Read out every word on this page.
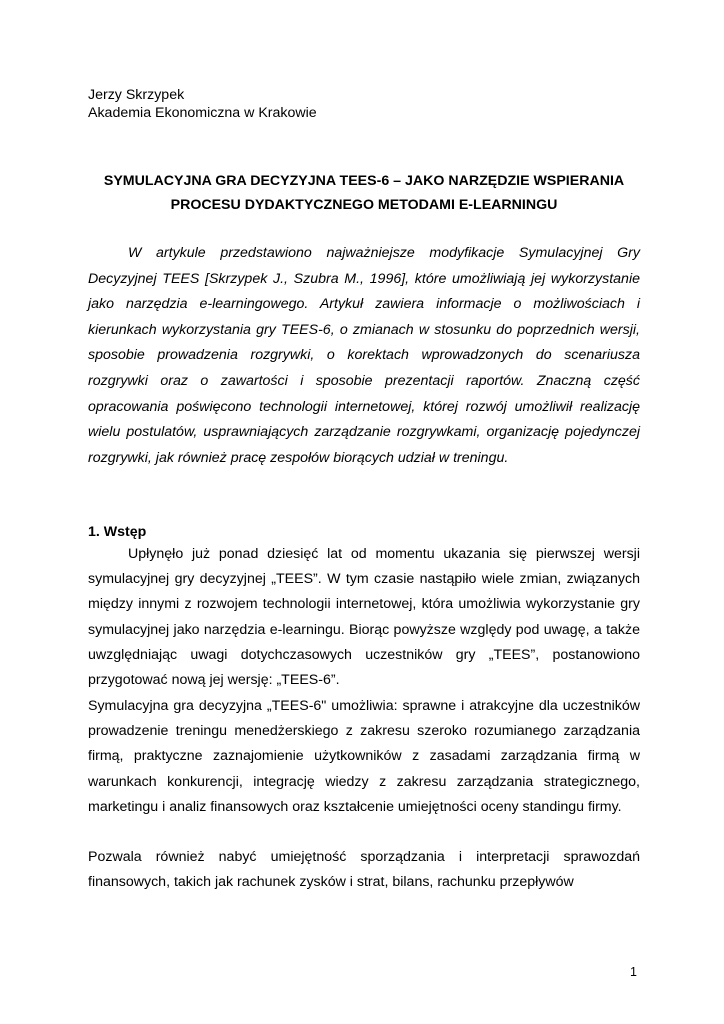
Jerzy Skrzypek
Akademia Ekonomiczna w Krakowie
SYMULACYJNA GRA DECYZYJNA TEES-6 – JAKO NARZĘDZIE WSPIERANIA
PROCESU DYDAKTYCZNEGO METODAMI E-LEARNINGU

W artykule przedstawiono najważniejsze modyfikacje Symulacyjnej Gry Decyzyjnej TEES [Skrzypek J., Szubra M., 1996], które umożliwiają jej wykorzystanie jako narzędzia e-learningowego. Artykuł zawiera informacje o możliwościach i kierunkach wykorzystania gry TEES-6, o zmianach w stosunku do poprzednich wersji, sposobie prowadzenia rozgrywki, o korektach wprowadzonych do scenariusza rozgrywki oraz o zawartości i sposobie prezentacji raportów. Znaczną część opracowania poświęcono technologii internetowej, której rozwój umożliwił realizację wielu postulatów, usprawniających zarządzanie rozgrywkami, organizację pojedynczej rozgrywki, jak również pracę zespołów biorących udział w treningu.

1. Wstęp

Upłynęło już ponad dziesięć lat od momentu ukazania się pierwszej wersji symulacyjnej gry decyzyjnej „TEES”. W tym czasie nastąpiło wiele zmian, związanych między innymi z rozwojem technologii internetowej, która umożliwia wykorzystanie gry symulacyjnej jako narzędzia e-learningu. Biorąc powyższe względy pod uwagę, a także uwzględniając uwagi dotychczasowych uczestników gry „TEES”, postanowiono przygotować nową jej wersję: „TEES-6”.

Symulacyjna gra decyzyjna „TEES-6" umożliwia: sprawne i atrakcyjne dla uczestników prowadzenie treningu menedżerskiego z zakresu szeroko rozumianego zarządzania firmą, praktyczne zaznajomienie użytkowników z zasadami zarządzania firmą w warunkach konkurencji, integrację wiedzy z zakresu zarządzania strategicznego, marketingu i analiz finansowych oraz kształcenie umiejętności oceny standingu firmy.

Pozwala również nabyć umiejętność sporządzania i interpretacji sprawozdań finansowych, takich jak rachunek zysków i strat, bilans, rachunku przepływów

1
